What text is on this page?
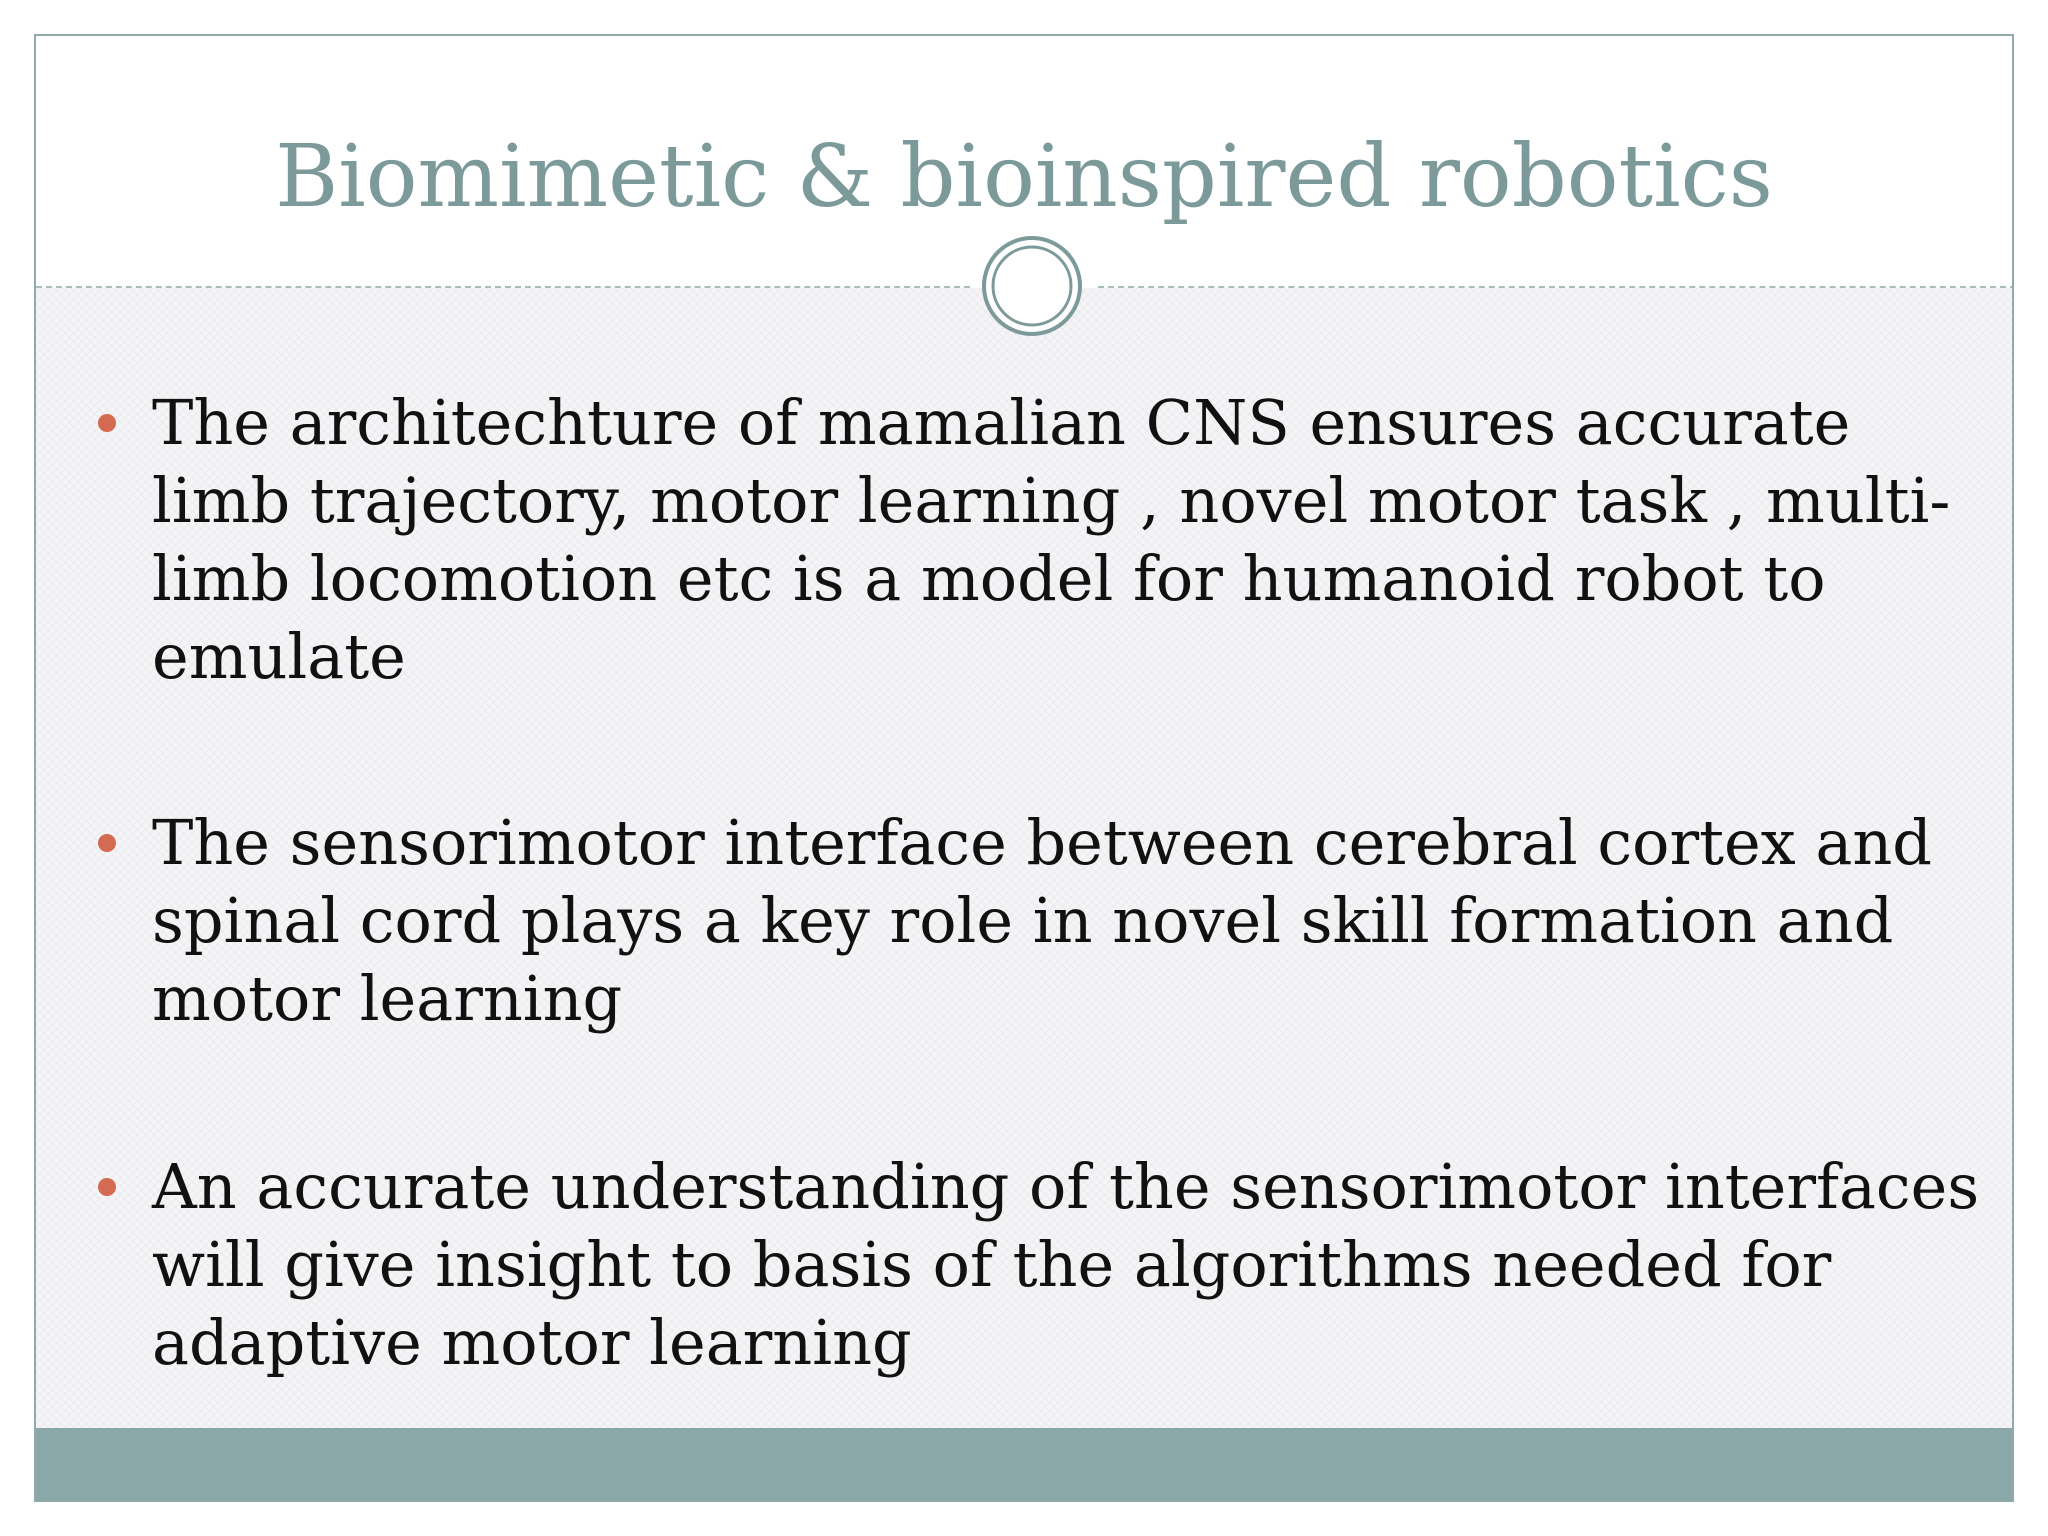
Biomimetic & bioinspired robotics

The architechture of mamalian CNS ensures accurate limb trajectory, motor learning , novel motor task , multi-limb locomotion etc is a model for humanoid robot to emulate

The sensorimotor interface between cerebral cortex and spinal cord plays a key role in novel skill formation and motor learning

An accurate understanding of the sensorimotor interfaces will give insight to basis of the algorithms needed for adaptive motor learning
